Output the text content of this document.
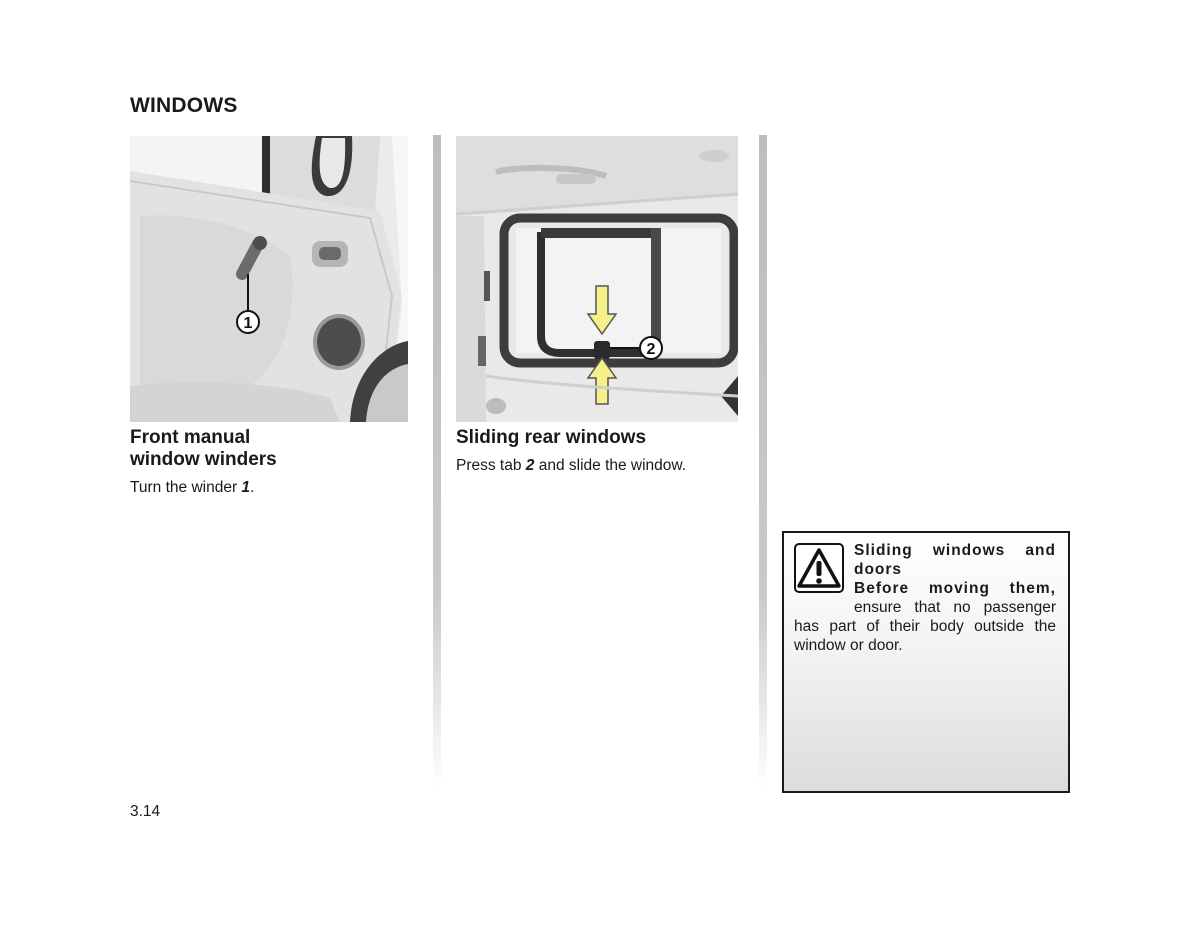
WINDOWS
1
2
Front manual
window winders
Turn the winder 1.
Sliding rear windows
Press tab 2 and slide the window.
Sliding windows and doors
Before moving them, ensure that no passenger has part of their body outside the window or door.
3.14
